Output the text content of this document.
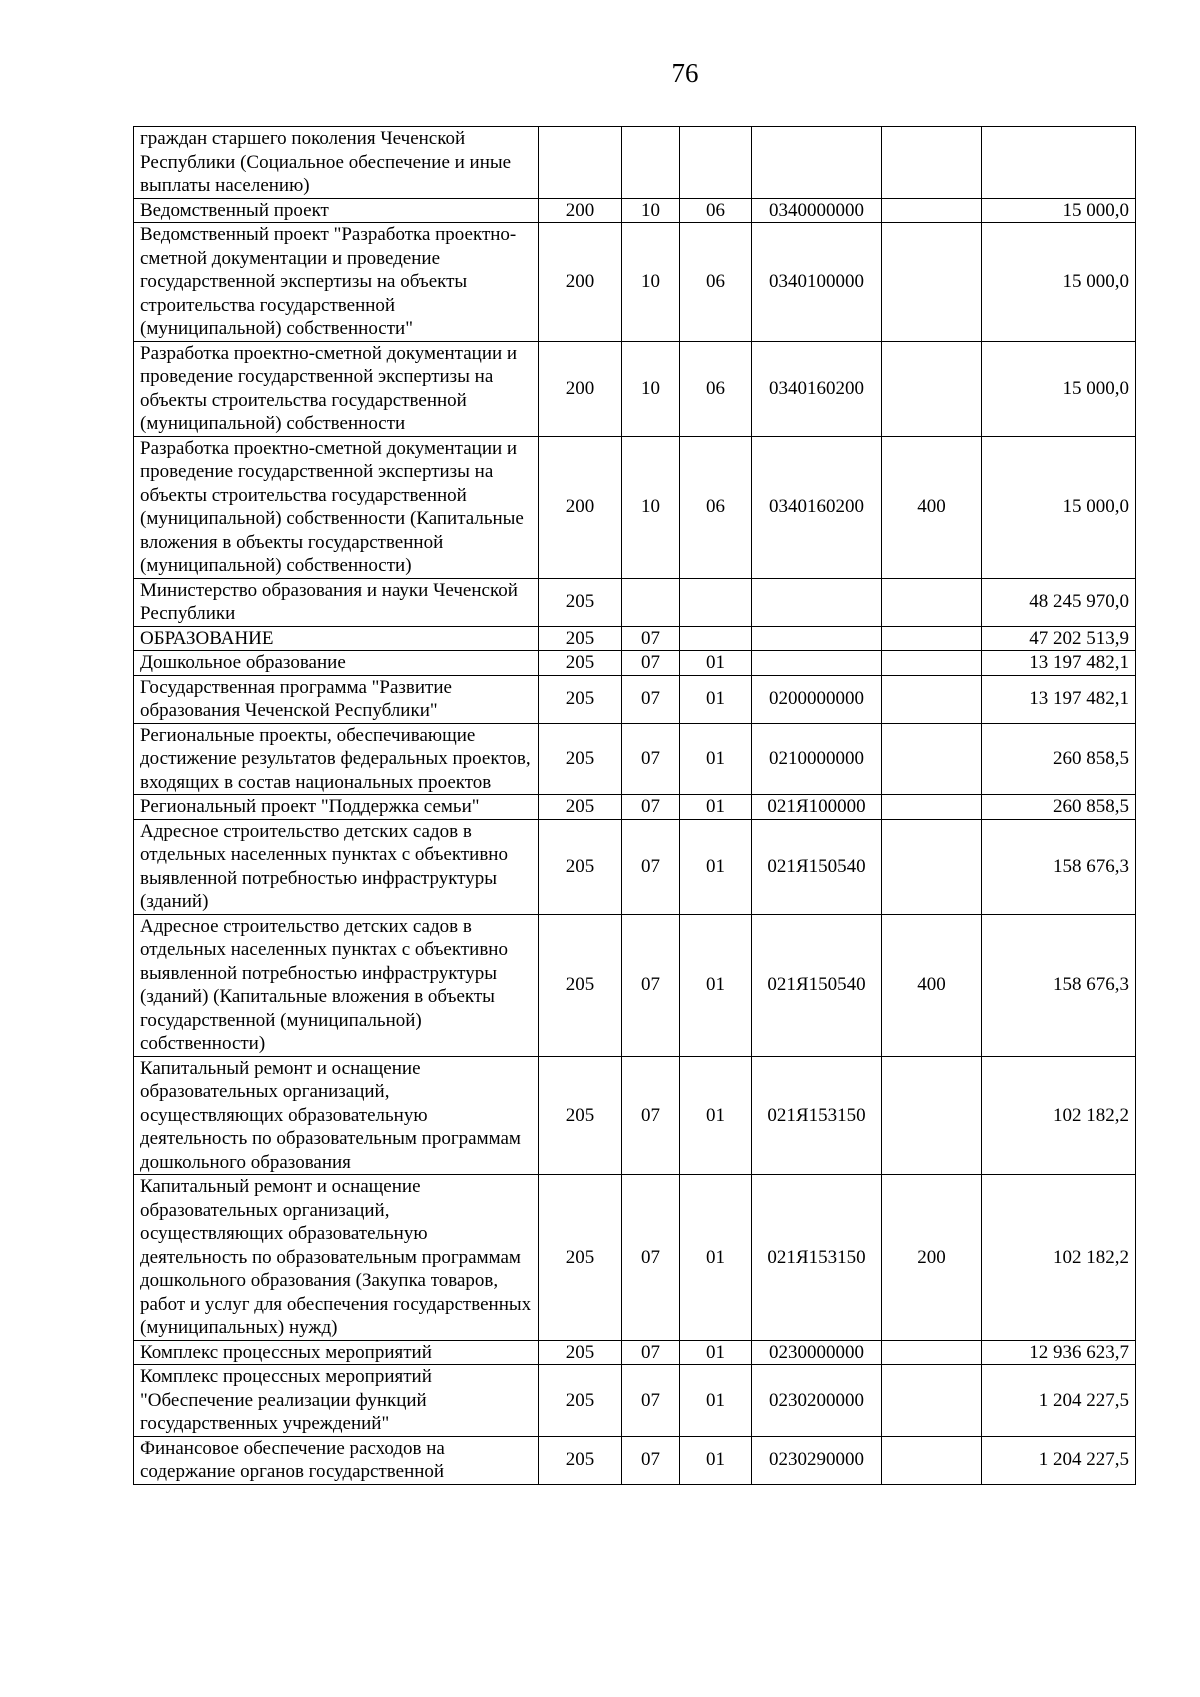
76
граждан старшего поколения Чеченской Республики (Социальное обеспечение и иные выплаты населению)						
Ведомственный проект	200	10	06	0340000000		15 000,0
Ведомственный проект "Разработка проектно-сметной документации и проведение государственной экспертизы на объекты строительства государственной (муниципальной) собственности"	200	10	06	0340100000		15 000,0
Разработка проектно-сметной документации и проведение государственной экспертизы на объекты строительства государственной (муниципальной) собственности	200	10	06	0340160200		15 000,0
Разработка проектно-сметной документации и проведение государственной экспертизы на объекты строительства государственной (муниципальной) собственности (Капитальные вложения в объекты государственной (муниципальной) собственности)	200	10	06	0340160200	400	15 000,0
Министерство образования и науки Чеченской Республики	205					48 245 970,0
ОБРАЗОВАНИЕ	205	07				47 202 513,9
Дошкольное образование	205	07	01			13 197 482,1
Государственная программа "Развитие образования Чеченской Республики"	205	07	01	0200000000		13 197 482,1
Региональные проекты, обеспечивающие достижение результатов федеральных проектов, входящих в состав национальных проектов	205	07	01	0210000000		260 858,5
Региональный проект "Поддержка семьи"	205	07	01	021Я100000		260 858,5
Адресное строительство детских садов в отдельных населенных пунктах с объективно выявленной потребностью инфраструктуры (зданий)	205	07	01	021Я150540		158 676,3
Адресное строительство детских садов в отдельных населенных пунктах с объективно выявленной потребностью инфраструктуры (зданий) (Капитальные вложения в объекты государственной (муниципальной) собственности)	205	07	01	021Я150540	400	158 676,3
Капитальный ремонт и оснащение образовательных организаций, осуществляющих образовательную деятельность по образовательным программам дошкольного образования	205	07	01	021Я153150		102 182,2
Капитальный ремонт и оснащение образовательных организаций, осуществляющих образовательную деятельность по образовательным программам дошкольного образования (Закупка товаров, работ и услуг для обеспечения государственных (муниципальных) нужд)	205	07	01	021Я153150	200	102 182,2
Комплекс процессных мероприятий	205	07	01	0230000000		12 936 623,7
Комплекс процессных мероприятий "Обеспечение реализации функций государственных учреждений"	205	07	01	0230200000		1 204 227,5
Финансовое обеспечение расходов на содержание органов государственной	205	07	01	0230290000		1 204 227,5
